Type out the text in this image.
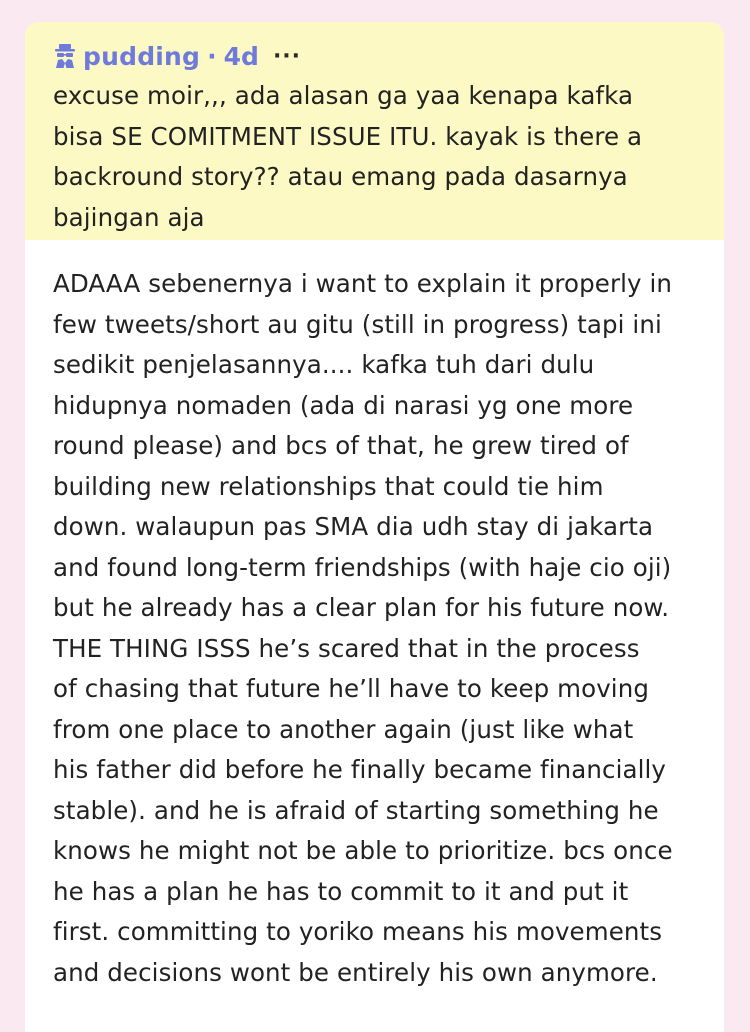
pudding · 4d ···

excuse moir,,, ada alasan ga yaa kenapa kafka
bisa SE COMITMENT ISSUE ITU. kayak is there a
backround story?? atau emang pada dasarnya
bajingan aja

ADAAA sebenernya i want to explain it properly in
few tweets/short au gitu (still in progress) tapi ini
sedikit penjelasannya.... kafka tuh dari dulu
hidupnya nomaden (ada di narasi yg one more
round please) and bcs of that, he grew tired of
building new relationships that could tie him
down. walaupun pas SMA dia udh stay di jakarta
and found long-term friendships (with haje cio oji)
but he already has a clear plan for his future now.
THE THING ISSS he’s scared that in the process
of chasing that future he’ll have to keep moving
from one place to another again (just like what
his father did before he finally became financially
stable). and he is afraid of starting something he
knows he might not be able to prioritize. bcs once
he has a plan he has to commit to it and put it
first. committing to yoriko means his movements
and decisions wont be entirely his own anymore.
